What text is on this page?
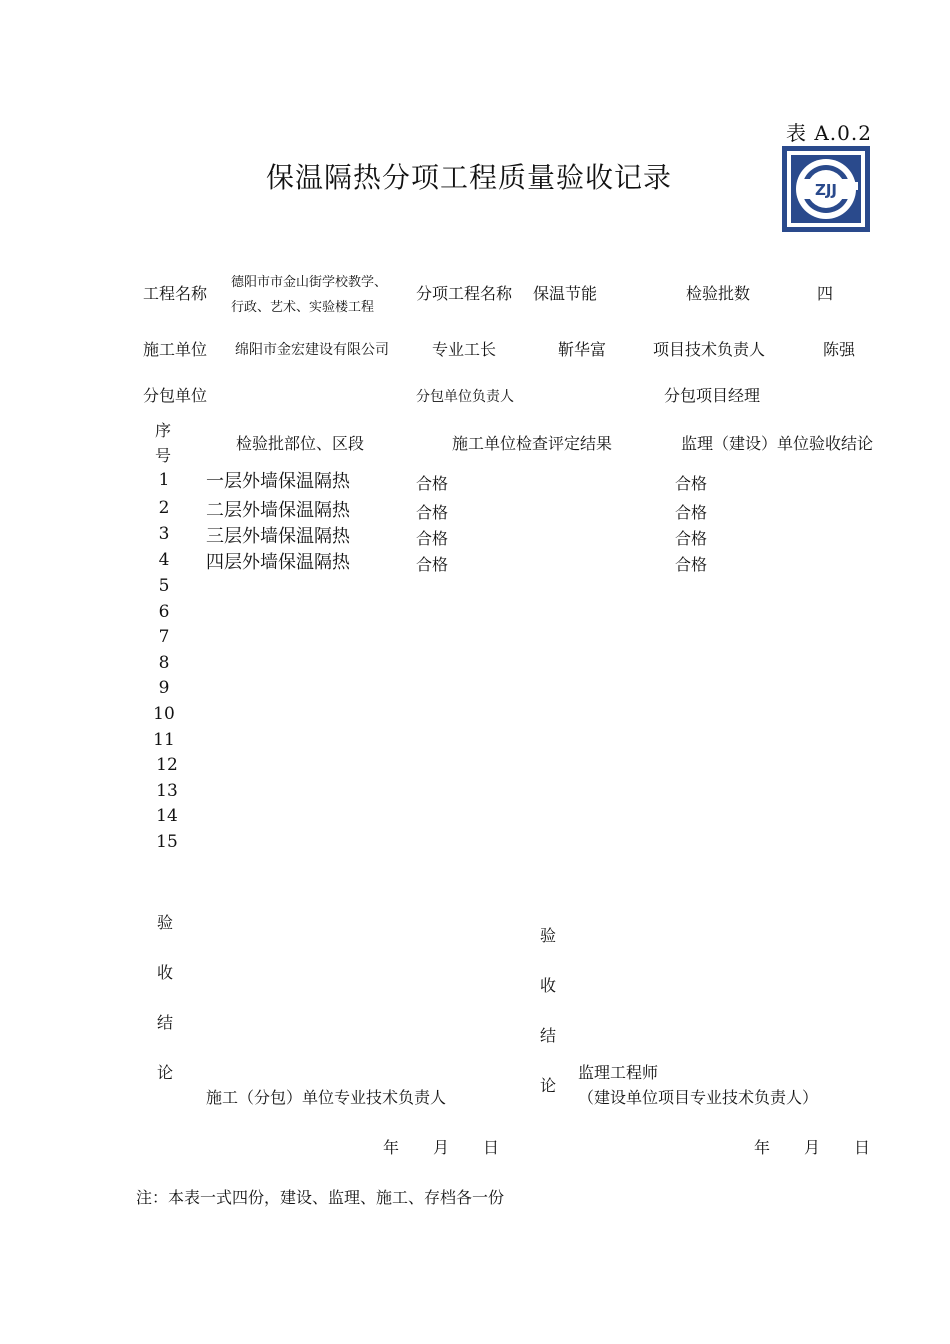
表 A.0.2
保温隔热分项工程质量验收记录	ZJJ
工程名称
德阳市市金山街学校教学、
行政、艺术、实验楼工程
分项工程名称 保温节能	检验批数	四
施工单位 绵阳市金宏建设有限公司	专业工长	靳华富	项目技术负责人	陈强
分包单位	分包单位负责人	分包项目经理
序
号
检验批部位、区段	施工单位检查评定结果	监理（建设）单位验收结论
1	一层外墙保温隔热	合格	合格
2	二层外墙保温隔热	合格	合格
3	三层外墙保温隔热	合格	合格
4	四层外墙保温隔热	合格	合格
5
6
7
8
9
10
11
12
13
14
15
验
收
结
论
验
收
结
论
施工（分包）单位专业技术负责人
监理工程师
（建设单位项目专业技术负责人）
年 月 日	年 月 日
注：本表一式四份，建设、监理、施工、存档各一份
